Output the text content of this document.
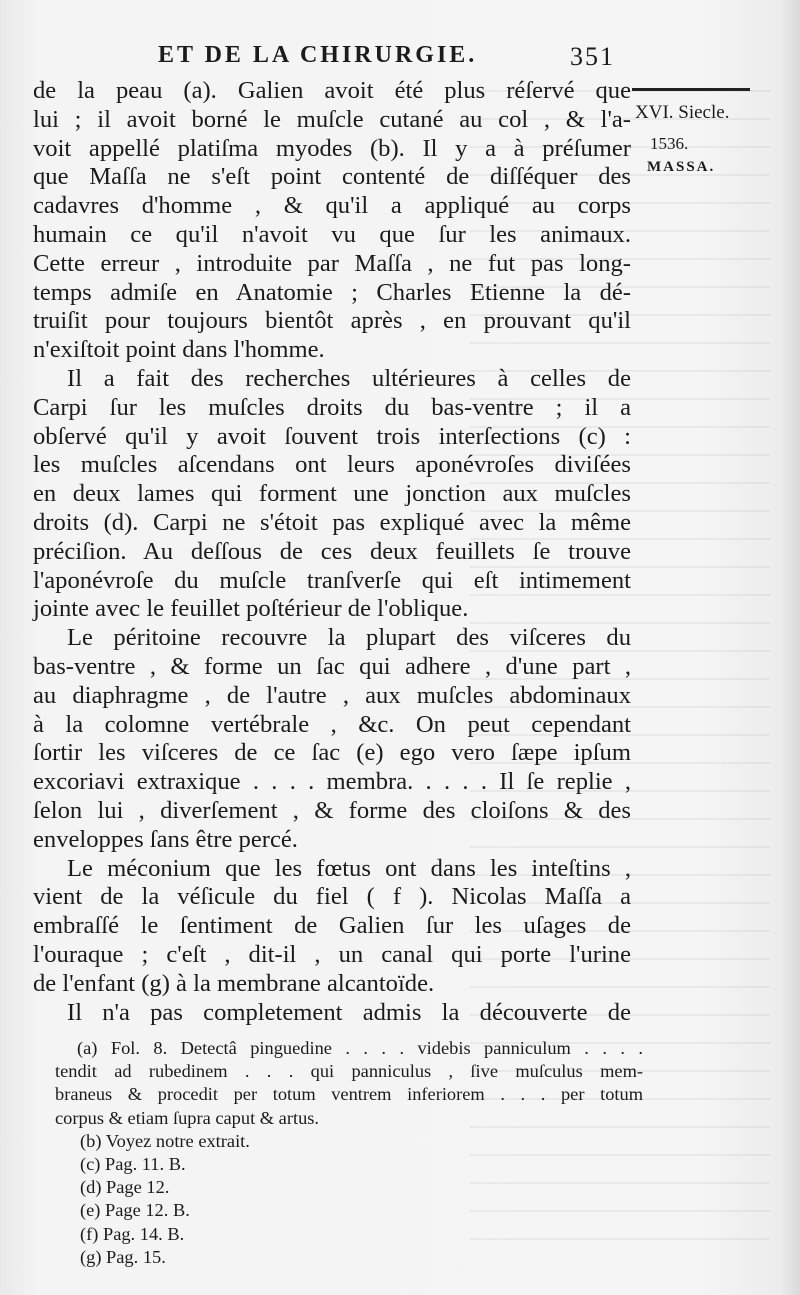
ET DE LA CHIRURGIE.	351
XVI. Siecle.
1536.
MASSA.
de la peau (a). Galien avoit été plus réſervé que
lui ; il avoit borné le muſcle cutané au col , & l'a-
voit appellé platiſma myodes (b). Il y a à préſumer
que Maſſa ne s'eſt point contenté de diſſéquer des
cadavres d'homme , & qu'il a appliqué au corps
humain ce qu'il n'avoit vu que ſur les animaux.
Cette erreur , introduite par Maſſa , ne fut pas long-
temps admiſe en Anatomie ; Charles Etienne la dé-
truiſit pour toujours bientôt après , en prouvant qu'il
n'exiſtoit point dans l'homme.
Il a fait des recherches ultérieures à celles de
Carpi ſur les muſcles droits du bas-ventre ; il a
obſervé qu'il y avoit ſouvent trois interſections (c) :
les muſcles aſcendans ont leurs aponévroſes diviſées
en deux lames qui forment une jonction aux muſcles
droits (d). Carpi ne s'étoit pas expliqué avec la même
préciſion. Au deſſous de ces deux feuillets ſe trouve
l'aponévroſe du muſcle tranſverſe qui eſt intimement
jointe avec le feuillet poſtérieur de l'oblique.
Le péritoine recouvre la plupart des viſceres du
bas-ventre , & forme un ſac qui adhere , d'une part ,
au diaphragme , de l'autre , aux muſcles abdominaux
à la colomne vertébrale , &c. On peut cependant
ſortir les viſceres de ce ſac (e) ego vero ſæpe ipſum
excoriavi extraxique . . . . membra. . . . . Il ſe replie ,
ſelon lui , diverſement , & forme des cloiſons & des
enveloppes ſans être percé.
Le méconium que les fœtus ont dans les inteſtins ,
vient de la véſicule du fiel ( f ). Nicolas Maſſa a
embraſſé le ſentiment de Galien ſur les uſages de
l'ouraque ; c'eſt , dit-il , un canal qui porte l'urine
de l'enfant (g) à la membrane alcantoïde.
Il n'a pas completement admis la découverte de
(a) Fol. 8. Detectâ pinguedine . . . . videbis panniculum . . . .
tendit ad rubedinem . . . qui panniculus , ſive muſculus mem-
braneus & procedit per totum ventrem inferiorem . . . per totum
corpus & etiam ſupra caput & artus.
(b) Voyez notre extrait.
(c) Pag. 11. B.
(d) Page 12.
(e) Page 12. B.
(f) Pag. 14. B.
(g) Pag. 15.
